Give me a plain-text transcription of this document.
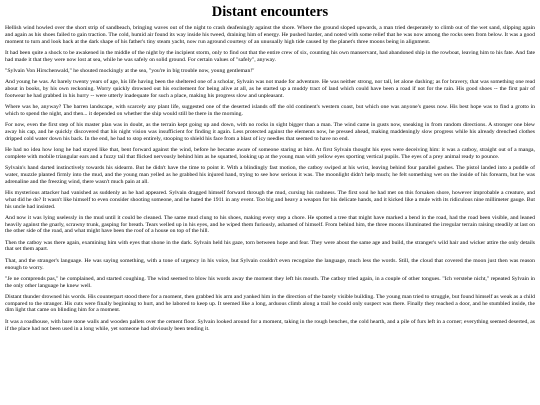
Distant encounters

Hellish wind howled over the short strip of sandbeach, bringing waves out of the night to crash deafeningly against the shore. Where the ground sloped upwards, a man tried desperately to climb out of the wet sand, slipping again and again as his shoes failed to gain traction. The cold, humid air found its way inside his tweed, draining him of energy. He pushed harder, and noted with some relief that he was now among the rocks seen from below. It was a good moment to turn and look back at the dark shape of his father's tiny steam yacht, now run aground courtesy of an unusually high tide caused by the planet's three moons being in alignment.

It had been quite a shock to be awakened in the middle of the night by the incipient storm, only to find out that the entire crew of six, counting his own manservant, had abandoned ship in the rowboat, leaving him to his fate. And fate had made it that they were now lost at sea, while he was safely on solid ground. For certain values of "safely", anyway.

"Sylvain Von Hirschenwald," he shouted mockingly at the sea, "you're in big trouble now, young gentleman!"

And young he was. At barely twenty years of age, his life having been the sheltered one of a scholar, Sylvain was not made for adventure. He was neither strong, nor tall, let alone dashing; as for bravery, that was something one read about in books, by his own reckoning. Worry quickly drowned out his excitement for being alive at all, as he started up a muddy tract of land which could have been a road if not for the rain. His good shoes -- the first pair of footwear he had grabbed in his hurry -- were utterly inadequate for such a place, making his progress slow and unpleasant.

Where was he, anyway? The barren landscape, with scarcely any plant life, suggested one of the deserted islands off the old continent's western coast, but which one was anyone's guess now. His best hope was to find a grotto in which to spend the night, and then... it depended on whether the ship would still be there in the morning.

For now, even the first step of his master plan was in doubt, as the terrain kept going up and down, with no rocks in sight bigger than a man. The wind came in gusts now, sneaking in from random directions. A stronger one blew away his cap, and he quickly discovered that his night vision was insufficient for finding it again. Less protected against the elements now, he pressed ahead, making maddeningly slow progress while his already drenched clothes dripped cold water down his back. In the end, he had to stop entirely, stooping to shield his face from a blast of icy needles that seemed to have no end.

He had no idea how long he had stayed like that, bent forward against the wind, before he became aware of someone staring at him. At first Sylvain thought his eyes were deceiving him: it was a catboy, straight out of a manga, complete with mobile triangular ears and a fuzzy tail that flicked nervously behind him as he squatted, looking up at the young man with yellow eyes sporting vertical pupils. The eyes of a prey animal ready to pounce.

Sylvain's hand darted instinctively towards his sidearm. But he didn't have the time to point it. With a blindingly fast motion, the catboy swiped at his wrist, leaving behind four parallel gashes. The pistol landed into a puddle of water, muzzle planted firmly into the mud, and the young man yelled as he grabbed his injured hand, trying to see how serious it was. The moonlight didn't help much; he felt something wet on the inside of his forearm, but he was adrenaline and the freezing wind, there wasn't much pain at all.

His mysterious attacker had vanished as suddenly as he had appeared. Sylvain dragged himself forward through the mud, cursing his rashness. The first soul he had met on this forsaken shore, however improbable a creature, and what did he do? It wasn't like himself to even consider shooting someone, and he hated the 1911 in any event. Too big and heavy a weapon for his delicate hands, and it kicked like a mule with its ridiculous nine millimeter gauge. But his uncle had insisted.

And now it was lying uselessly in the mud until it could be cleaned. The same mud clung to his shoes, making every step a chore. He spotted a tree that might have marked a bend in the road, had the road been visible, and leaned heavily against the gnarly, scrawny trunk, gasping for breath. Tears welled up in his eyes, and he wiped them furiously, ashamed of himself. From behind him, the three moons illuminated the irregular terrain raising steadily at last on the other side of the road, and what might have been the roof of a house on top of the hill.

Then the catboy was there again, examining him with eyes that shone in the dark. Sylvain held his gaze, torn between hope and fear. They were about the same age and build, the stranger's wild hair and wicker attire the only details that set them apart.

That, and the stranger's language. He was saying something, with a tone of urgency in his voice, but Sylvain couldn't even recognize the language, much less the words. Still, the cloud that covered the moon just then was reason enough to worry.

"Je ne comprends pas," he complained, and started coughing. The wind seemed to blow his words away the moment they left his mouth. The catboy tried again, in a couple of other tongues. "Ich verstehe nicht," repeated Sylvain in the only other language he knew well.

Distant thunder drowned his words. His counterpart stood there for a moment, then grabbed his arm and yanked him in the direction of the barely visible building. The young man tried to struggle, but found himself as weak as a child compared to the stranger. His cuts were finally beginning to hurt, and he labored to keep up. It seemed like a long, arduous climb along a trail he could only suspect was there. Finally they reached a door, and he stumbled inside, the dim light that came on blinding him for a moment.

It was a roadhouse, with bare stone walls and wooden pallets over the cement floor. Sylvain looked around for a moment, taking in the rough benches, the cold hearth, and a pile of furs left in a corner; everything seemed deserted, as if the place had not been used in a long while, yet someone had obviously been tending it.
